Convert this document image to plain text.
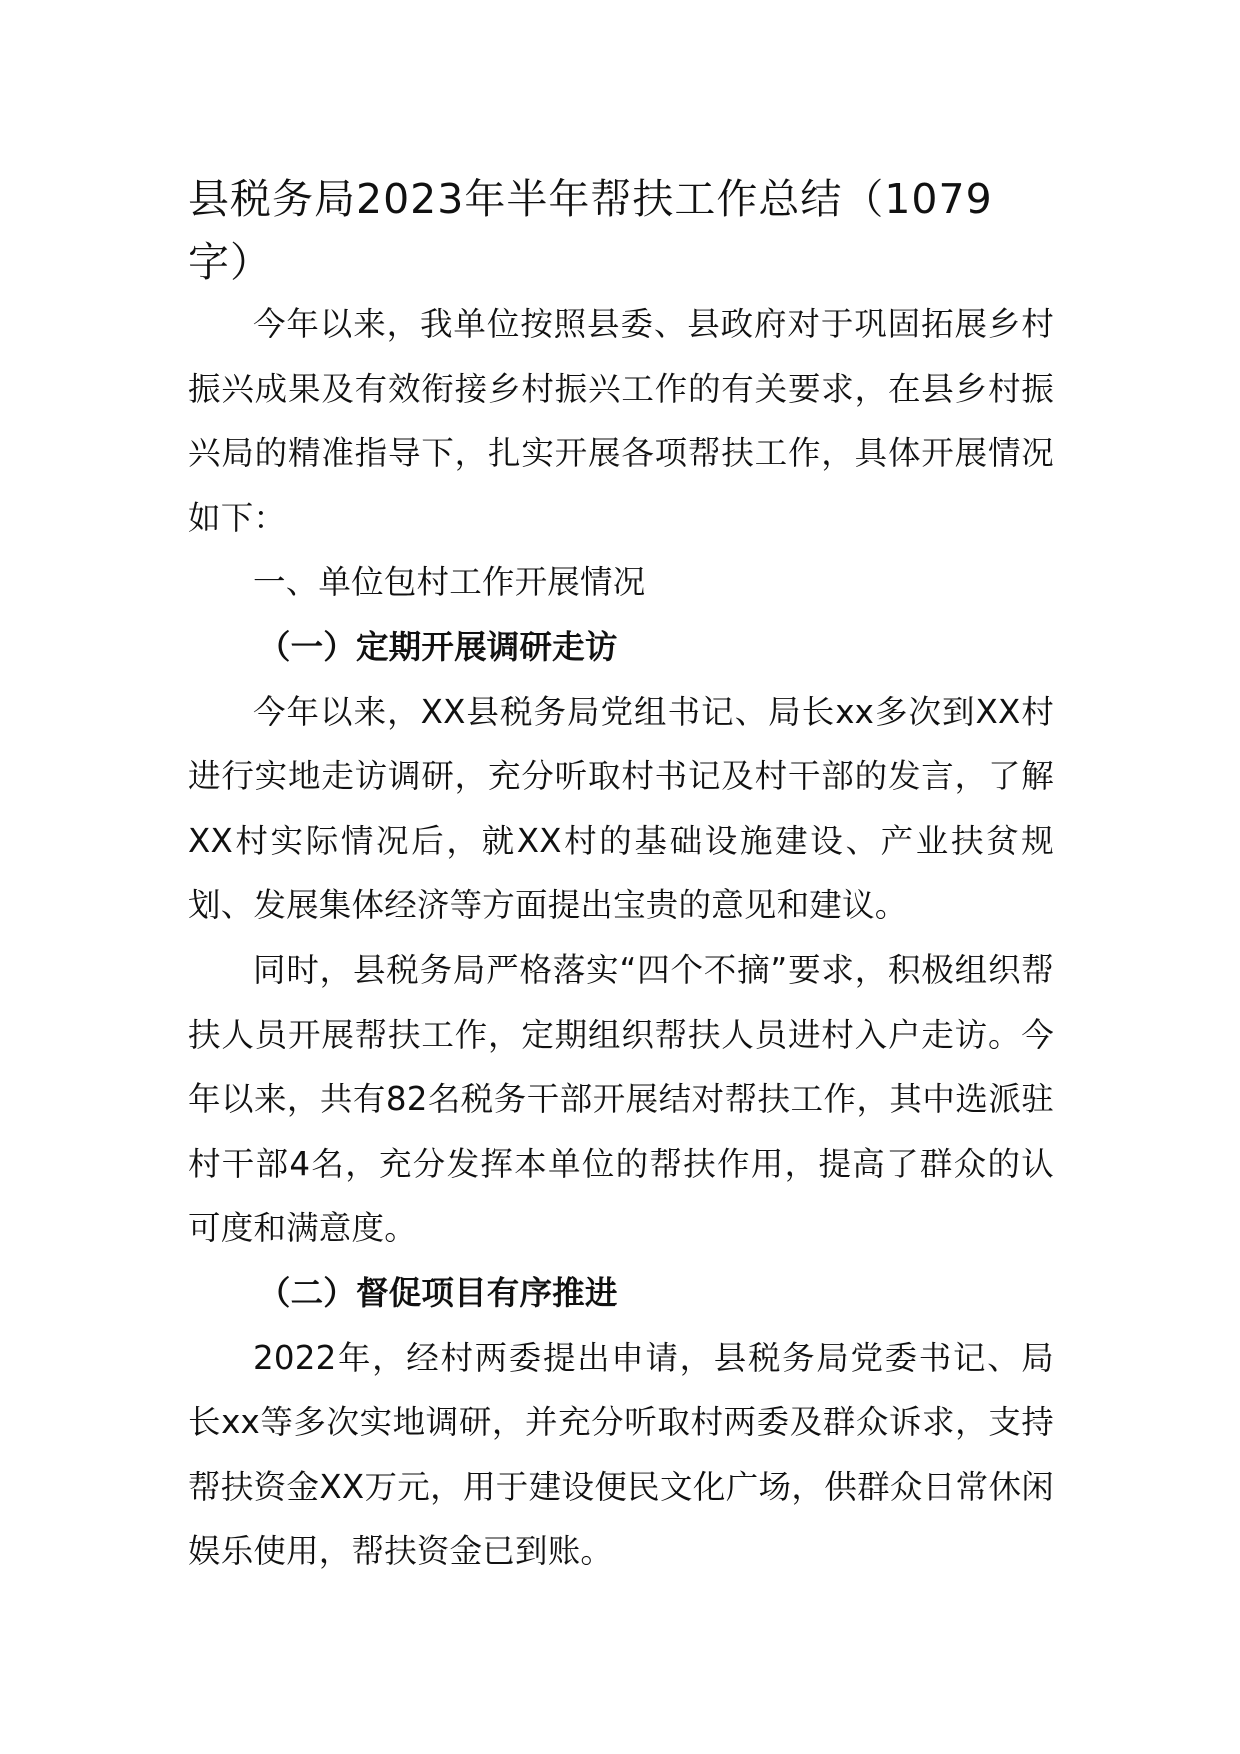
县税务局2023年半年帮扶工作总结（1079字）

今年以来，我单位按照县委、县政府对于巩固拓展乡村振兴成果及有效衔接乡村振兴工作的有关要求，在县乡村振兴局的精准指导下，扎实开展各项帮扶工作，具体开展情况如下：

一、单位包村工作开展情况

（一）定期开展调研走访

今年以来，XX县税务局党组书记、局长xx多次到XX村进行实地走访调研，充分听取村书记及村干部的发言，了解XX村实际情况后，就XX村的基础设施建设、产业扶贫规划、发展集体经济等方面提出宝贵的意见和建议。

同时，县税务局严格落实“四个不摘”要求，积极组织帮扶人员开展帮扶工作，定期组织帮扶人员进村入户走访。今年以来，共有82名税务干部开展结对帮扶工作，其中选派驻村干部4名，充分发挥本单位的帮扶作用，提高了群众的认可度和满意度。

（二）督促项目有序推进

2022年，经村两委提出申请，县税务局党委书记、局长xx等多次实地调研，并充分听取村两委及群众诉求，支持帮扶资金XX万元，用于建设便民文化广场，供群众日常休闲娱乐使用，帮扶资金已到账。
